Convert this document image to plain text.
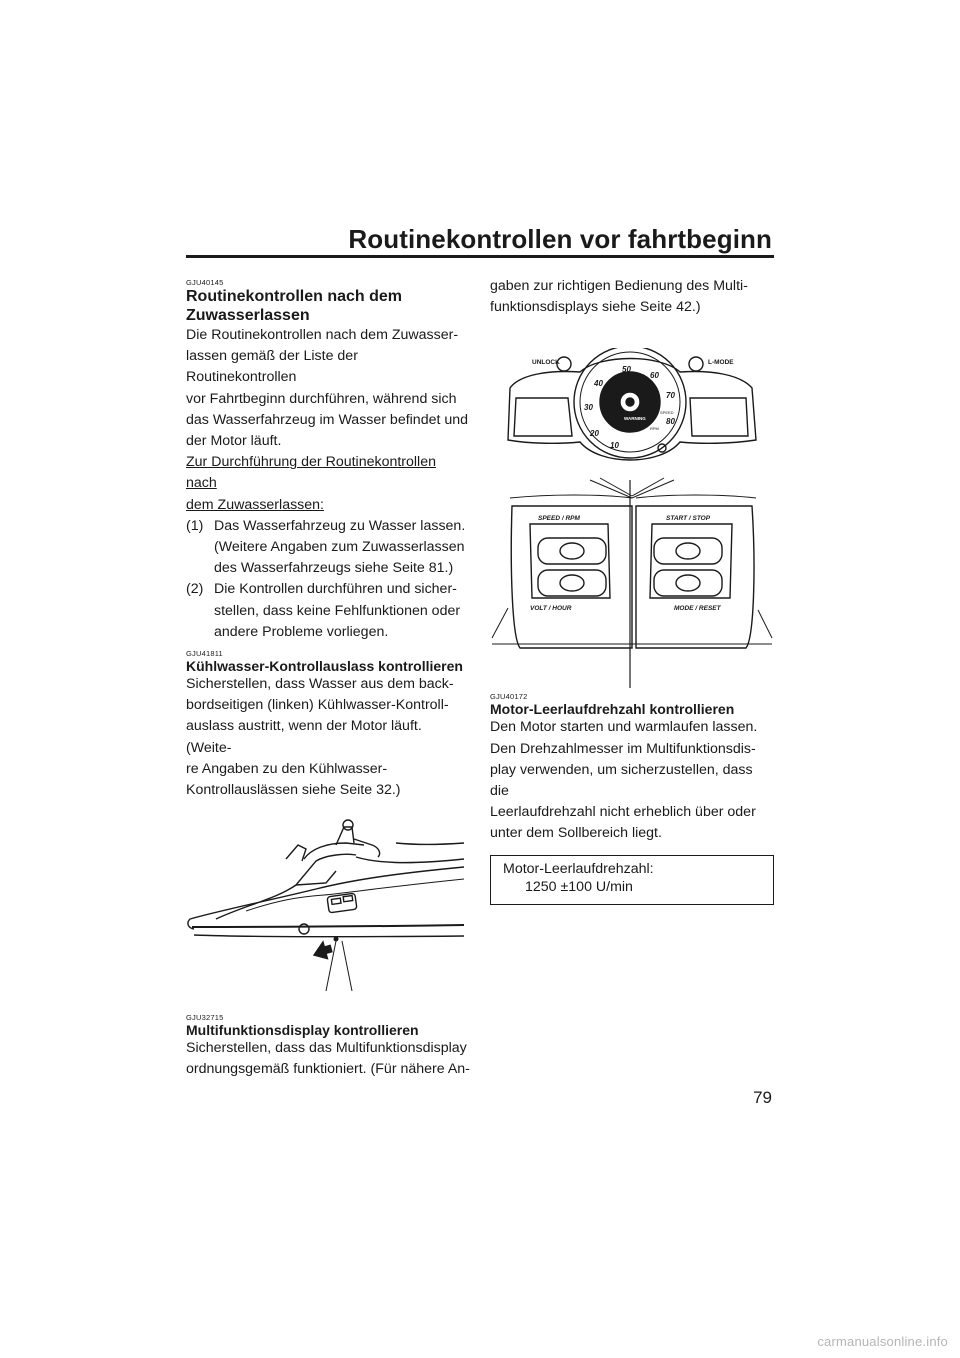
Routinekontrollen vor fahrtbeginn
GJU40145
Routinekontrollen nach dem
Zuwasserlassen

Die Routinekontrollen nach dem Zuwasser-

lassen gemäß der Liste der Routinekontrollen

vor Fahrtbeginn durchführen, während sich

das Wasserfahrzeug im Wasser befindet und

der Motor läuft.

Zur Durchführung der Routinekontrollen nach

dem Zuwasserlassen:

(1) Das Wasserfahrzeug zu Wasser lassen.
(Weitere Angaben zum Zuwasserlassen
des Wasserfahrzeugs siehe Seite 81.)
(2) Die Kontrollen durchführen und sicher-
stellen, dass keine Fehlfunktionen oder
andere Probleme vorliegen.
GJU41811
Kühlwasser-Kontrollauslass kontrollieren

Sicherstellen, dass Wasser aus dem back-

bordseitigen (linken) Kühlwasser-Kontroll-

auslass austritt, wenn der Motor läuft. (Weite-

re Angaben zu den Kühlwasser-

Kontrollauslässen siehe Seite 32.)

GJU32715
Multifunktionsdisplay kontrollieren

Sicherstellen, dass das Multifunktionsdisplay

ordnungsgemäß funktioniert. (Für nähere An-

gaben zur richtigen Bedienung des Multi-

funktionsdisplays siehe Seite 42.)

UNLOCK	L-MODE
WARNING
RPM
SPEED
10
20
30
40
50
60
70
80
SPEED / RPM	START / STOP
VOLT / HOUR	MODE / RESET
GJU40172
Motor-Leerlaufdrehzahl kontrollieren

Den Motor starten und warmlaufen lassen.

Den Drehzahlmesser im Multifunktionsdis-

play verwenden, um sicherzustellen, dass die

Leerlaufdrehzahl nicht erheblich über oder

unter dem Sollbereich liegt.

Motor-Leerlaufdrehzahl:
1250 ±100 U/min
79
carmanualsonline.info
